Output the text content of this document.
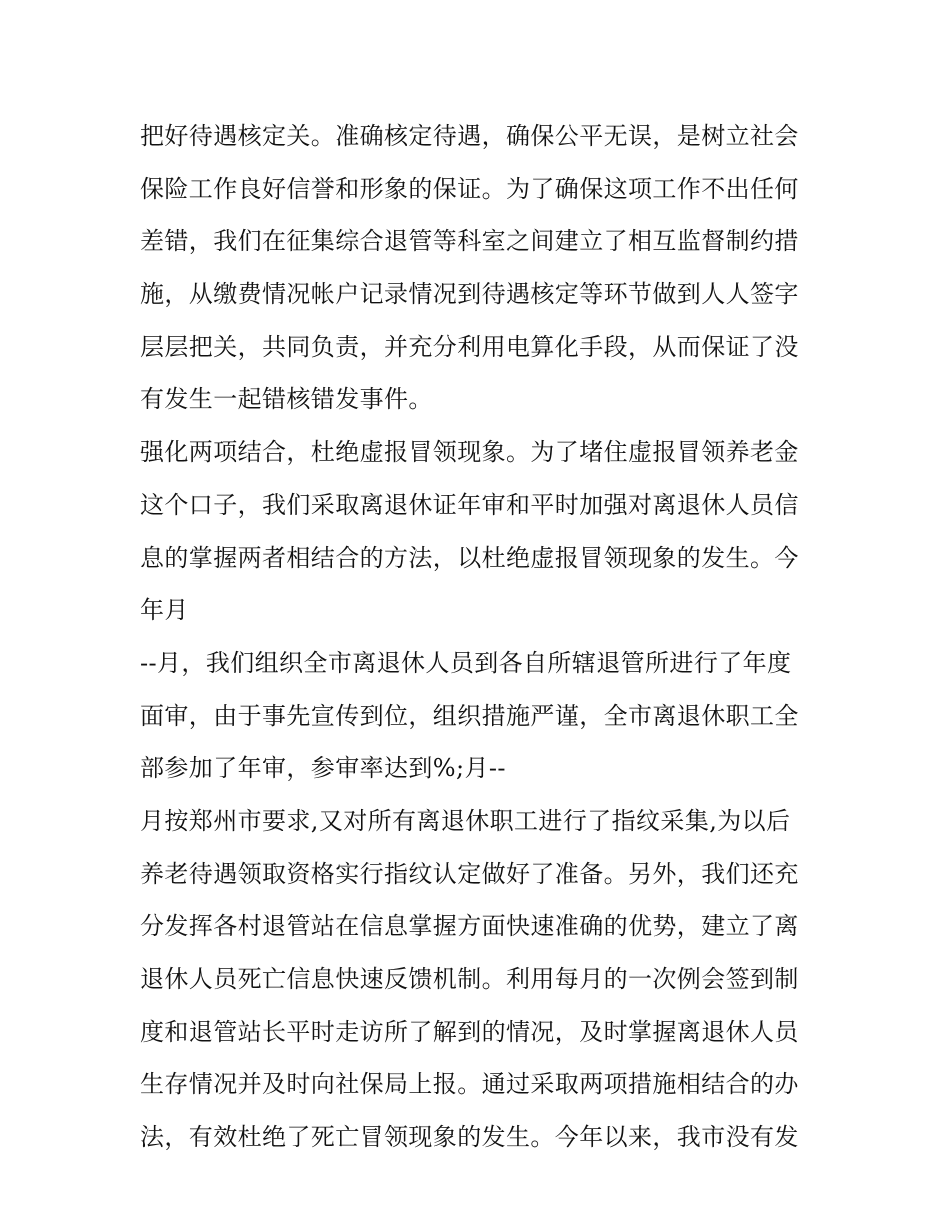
把好待遇核定关。准确核定待遇，确保公平无误，是树立社会
保险工作良好信誉和形象的保证。为了确保这项工作不出任何
差错，我们在征集综合退管等科室之间建立了相互监督制约措
施，从缴费情况帐户记录情况到待遇核定等环节做到人人签字
层层把关，共同负责，并充分利用电算化手段，从而保证了没
有发生一起错核错发事件。
强化两项结合，杜绝虚报冒领现象。为了堵住虚报冒领养老金
这个口子，我们采取离退休证年审和平时加强对离退休人员信
息的掌握两者相结合的方法，以杜绝虚报冒领现象的发生。今
年月
--月，我们组织全市离退休人员到各自所辖退管所进行了年度
面审，由于事先宣传到位，组织措施严谨，全市离退休职工全
部参加了年审，参审率达到%;月--
月按郑州市要求,又对所有离退休职工进行了指纹采集,为以后
养老待遇领取资格实行指纹认定做好了准备。另外，我们还充
分发挥各村退管站在信息掌握方面快速准确的优势，建立了离
退休人员死亡信息快速反馈机制。利用每月的一次例会签到制
度和退管站长平时走访所了解到的情况，及时掌握离退休人员
生存情况并及时向社保局上报。通过采取两项措施相结合的办
法，有效杜绝了死亡冒领现象的发生。今年以来，我市没有发
